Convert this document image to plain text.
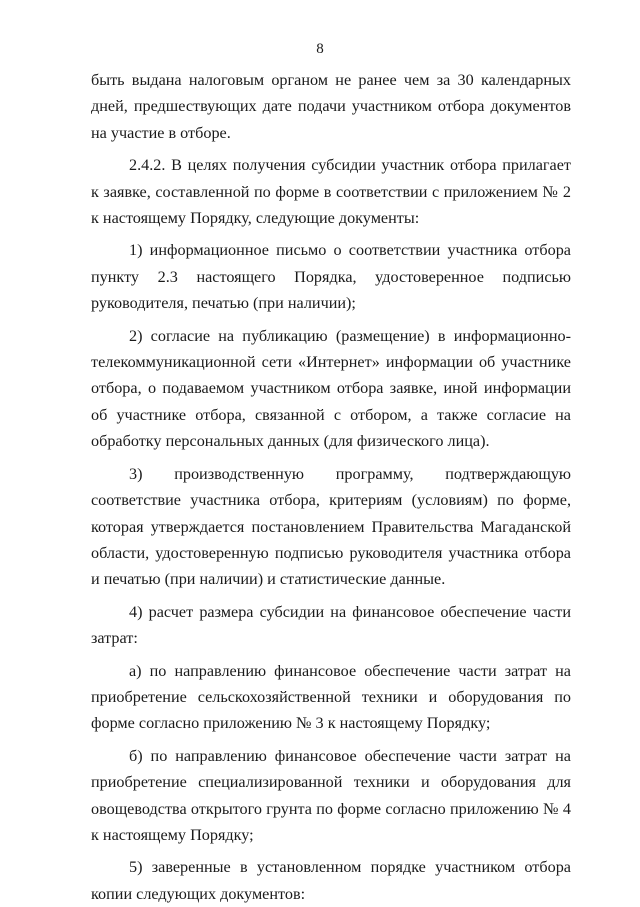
8

быть выдана налоговым органом не ранее чем за 30 календарных дней, предшествующих дате подачи участником отбора документов на участие в отборе.

2.4.2. В целях получения субсидии участник отбора прилагает к заявке, составленной по форме в соответствии с приложением № 2 к настоящему Порядку, следующие документы:

1) информационное письмо о соответствии участника отбора пункту 2.3 настоящего Порядка, удостоверенное подписью руководителя, печатью (при наличии);

2) согласие на публикацию (размещение) в информационно-телекоммуникационной сети «Интернет» информации об участнике отбора, о подаваемом участником отбора заявке, иной информации об участнике отбора, связанной с отбором, а также согласие на обработку персональных данных (для физического лица).

3) производственную программу, подтверждающую соответствие участника отбора, критериям (условиям) по форме, которая утверждается постановлением Правительства Магаданской области, удостоверенную подписью руководителя участника отбора и печатью (при наличии) и статистические данные.

4) расчет размера субсидии на финансовое обеспечение части затрат:

а) по направлению финансовое обеспечение части затрат на приобретение сельскохозяйственной техники и оборудования по форме согласно приложению № 3 к настоящему Порядку;

б) по направлению финансовое обеспечение части затрат на приобретение специализированной техники и оборудования для овощеводства открытого грунта по форме согласно приложению № 4 к настоящему Порядку;

5) заверенные в установленном порядке участником отбора копии следующих документов:
